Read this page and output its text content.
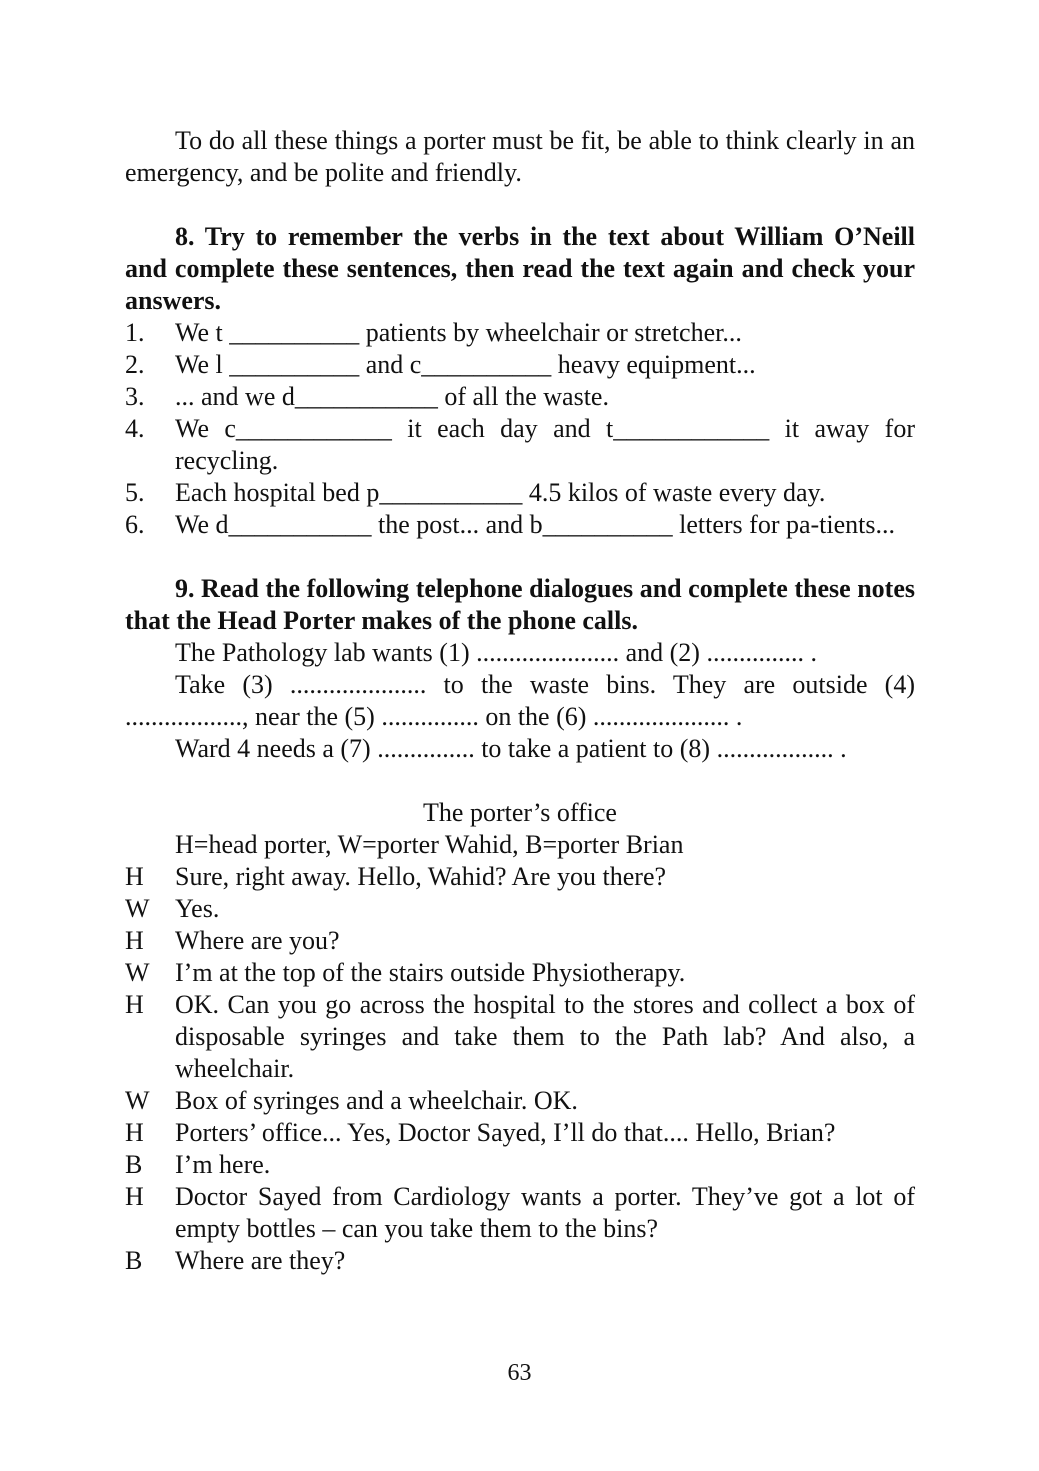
To do all these things a porter must be fit, be able to think clearly in an emergency, and be polite and friendly.

8. Try to remember the verbs in the text about William O’Neill and complete these sentences, then read the text again and check your answers.

1.	We t __________ patients by wheelchair or stretcher...
2.	We l __________ and c__________ heavy equipment...
3.	... and we d___________ of all the waste.
4.	We c____________ it each day and t____________ it away for recycling.
5.	Each hospital bed p___________ 4.5 kilos of waste every day.
6.	We d___________ the post... and b__________ letters for pa-tients...

9. Read the following telephone dialogues and complete these notes that the Head Porter makes of the phone calls.

The Pathology lab wants (1) ...................... and (2) ............... .

Take (3) ..................... to the waste bins. They are outside (4)

.................., near the (5) ............... on the (6) ..................... .

Ward 4 needs a (7) ............... to take a patient to (8) .................. .

The porter’s office

H=head porter, W=porter Wahid, B=porter Brian

H	Sure, right away. Hello, Wahid? Are you there?
W Yes.
H	Where are you?
W I’m at the top of the stairs outside Physiotherapy.
H	OK. Can you go across the hospital to the stores and collect a box of disposable syringes and take them to the Path lab? And also, a wheelchair.
W Box of syringes and a wheelchair. OK.
H	Porters’ office... Yes, Doctor Sayed, I’ll do that.... Hello, Brian?
B	I’m here.
H	Doctor Sayed from Cardiology wants a porter. They’ve got a lot of empty bottles – can you take them to the bins?
B	Where are they?
63
